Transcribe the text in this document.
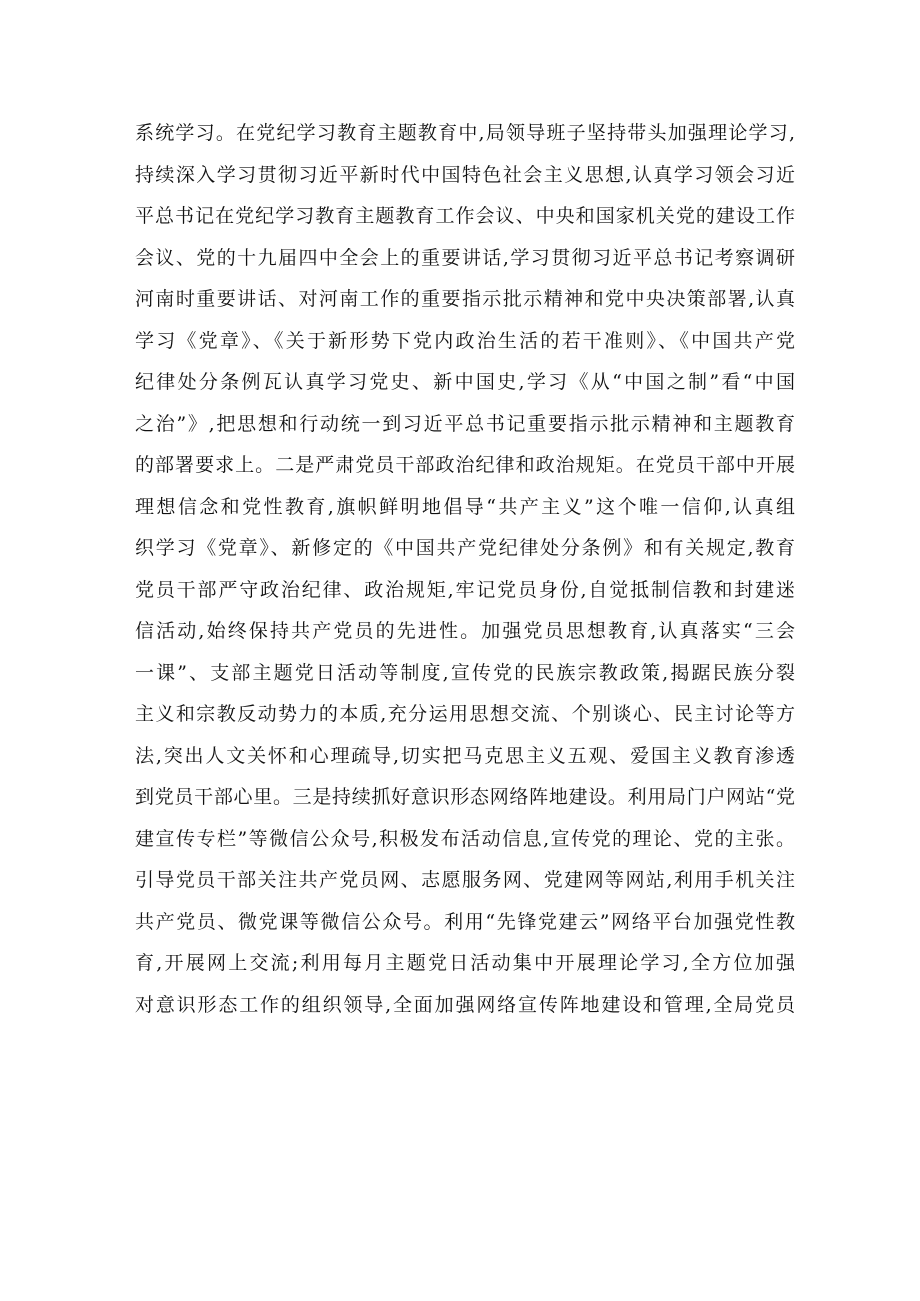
系统学习。在党纪学习教育主题教育中,局领导班子坚持带头加强理论学习,
持续深入学习贯彻习近平新时代中国特色社会主义思想,认真学习领会习近
平总书记在党纪学习教育主题教育工作会议、中央和国家机关党的建设工作
会议、党的十九届四中全会上的重要讲话,学习贯彻习近平总书记考察调研
河南时重要讲话、对河南工作的重要指示批示精神和党中央决策部署,认真
学习《党章》、《关于新形势下党内政治生活的若干准则》、《中国共产党
纪律处分条例瓦认真学习党史、新中国史,学习《从“中国之制”看“中国
之治”》,把思想和行动统一到习近平总书记重要指示批示精神和主题教育
的部署要求上。二是严肃党员干部政治纪律和政治规矩。在党员干部中开展
理想信念和党性教育,旗帜鲜明地倡导“共产主义”这个唯一信仰,认真组
织学习《党章》、新修定的《中国共产党纪律处分条例》和有关规定,教育
党员干部严守政治纪律、政治规矩,牢记党员身份,自觉抵制信教和封建迷
信活动,始终保持共产党员的先进性。加强党员思想教育,认真落实“三会
一课”、支部主题党日活动等制度,宣传党的民族宗教政策,揭踞民族分裂
主义和宗教反动势力的本质,充分运用思想交流、个别谈心、民主讨论等方
法,突出人文关怀和心理疏导,切实把马克思主义五观、爱国主义教育渗透
到党员干部心里。三是持续抓好意识形态网络阵地建设。利用局门户网站“党
建宣传专栏”等微信公众号,积极发布活动信息,宣传党的理论、党的主张。
引导党员干部关注共产党员网、志愿服务网、党建网等网站,利用手机关注
共产党员、微党课等微信公众号。利用“先锋党建云”网络平台加强党性教
育,开展网上交流;利用每月主题党日活动集中开展理论学习,全方位加强
对意识形态工作的组织领导,全面加强网络宣传阵地建设和管理,全局党员
